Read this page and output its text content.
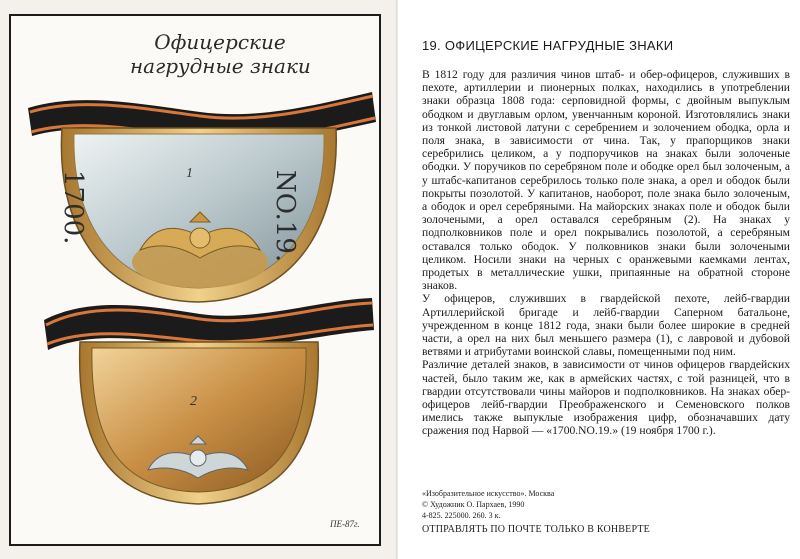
Офицерские
нагрудные знаки
1
2
1700.	NO.19.
ПЕ-87г.
19. ОФИЦЕРСКИЕ НАГРУДНЫЕ ЗНАКИ

В 1812 году для различия чинов штаб- и обер-офицеров, служивших в пехоте, артиллерии и пионерных полках, находились в употреблении знаки образца 1808 года: серповидной формы, с двойным выпуклым ободком и двуглавым орлом, увенчанным короной. Изготовлялись знаки из тонкой листовой латуни с серебрением и золочением ободка, орла и поля знака, в зависимости от чина. Так, у прапорщиков знаки серебрились целиком, а у подпоручиков на знаках были золоченые ободки. У поручиков по серебряном поле и ободке орел был золоченым, а у штабс-капитанов серебрилось только поле знака, а орел и ободок были покрыты позолотой. У капитанов, наоборот, поле знака было золоченым, а ободок и орел серебряными. На майорских знаках поле и ободок были золочеными, а орел оставался серебряным (2). На знаках у подполковников поле и орел покрывались позолотой, а серебряным оставался только ободок. У полковников знаки были золочеными целиком. Носили знаки на черных с оранжевыми каемками лентах, продетых в металлические ушки, припаянные на обратной стороне знаков.

У офицеров, служивших в гвардейской пехоте, лейб-гвардии Артиллерийской бригаде и лейб-гвардии Саперном батальоне, учрежденном в конце 1812 года, знаки были более широкие в средней части, а орел на них был меньшего размера (1), с лавровой и дубовой ветвями и атрибутами воинской славы, помещенными под ним.

Различие деталей знаков, в зависимости от чинов офицеров гвардейских частей, было таким же, как в армейских частях, с той разницей, что в гвардии отсутствовали чины майоров и подполковников. На знаках обер-офицеров лейб-гвардии Преображенского и Семеновского полков имелись также выпуклые изображения цифр, обозначавших дату сражения под Нарвой — «1700.NO.19.» (19 ноября 1700 г.).

«Изобразительное искусство». Москва
© Художник О. Пархаев, 1990
4-825. 225000. 260. 3 к.
ОТПРАВЛЯТЬ ПО ПОЧТЕ ТОЛЬКО В КОНВЕРТЕ
